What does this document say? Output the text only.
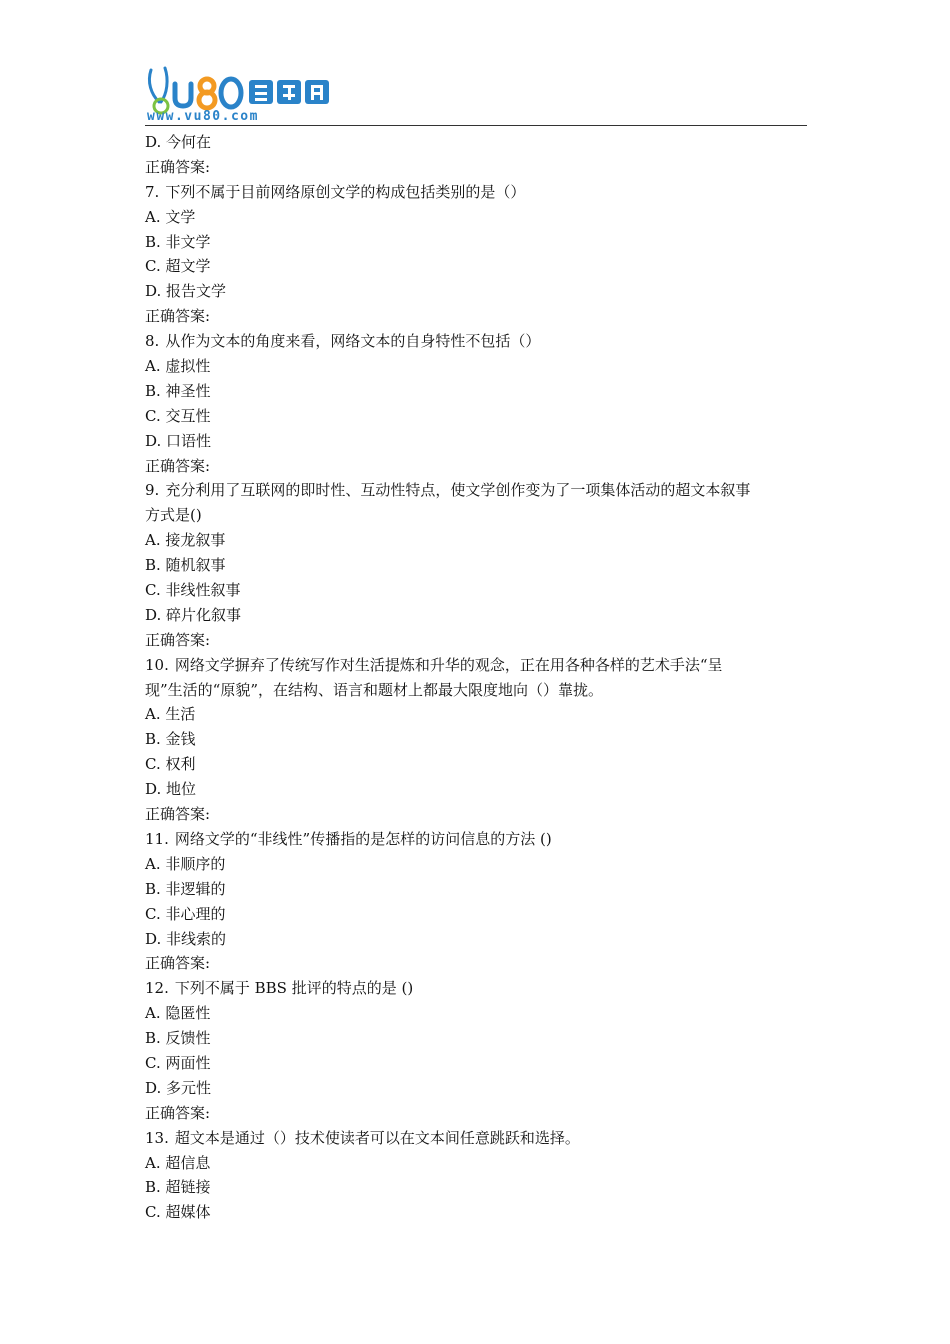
www.vu80.com
D. 今何在
正确答案:
7. 下列不属于目前网络原创文学的构成包括类别的是（）
A. 文学
B. 非文学
C. 超文学
D. 报告文学
正确答案:
8. 从作为文本的角度来看，网络文本的自身特性不包括（）
A. 虚拟性
B. 神圣性
C. 交互性
D. 口语性
正确答案:
9. 充分利用了互联网的即时性、互动性特点，使文学创作变为了一项集体活动的超文本叙事
方式是()
A. 接龙叙事
B. 随机叙事
C. 非线性叙事
D. 碎片化叙事
正确答案:
10. 网络文学摒弃了传统写作对生活提炼和升华的观念，正在用各种各样的艺术手法“呈
现”生活的“原貌”，在结构、语言和题材上都最大限度地向（）靠拢。
A. 生活
B. 金钱
C. 权利
D. 地位
正确答案:
11. 网络文学的“非线性”传播指的是怎样的访问信息的方法 ()
A. 非顺序的
B. 非逻辑的
C. 非心理的
D. 非线索的
正确答案:
12. 下列不属于 BBS 批评的特点的是 ()
A. 隐匿性
B. 反馈性
C. 两面性
D. 多元性
正确答案:
13. 超文本是通过（）技术使读者可以在文本间任意跳跃和选择。
A. 超信息
B. 超链接
C. 超媒体
